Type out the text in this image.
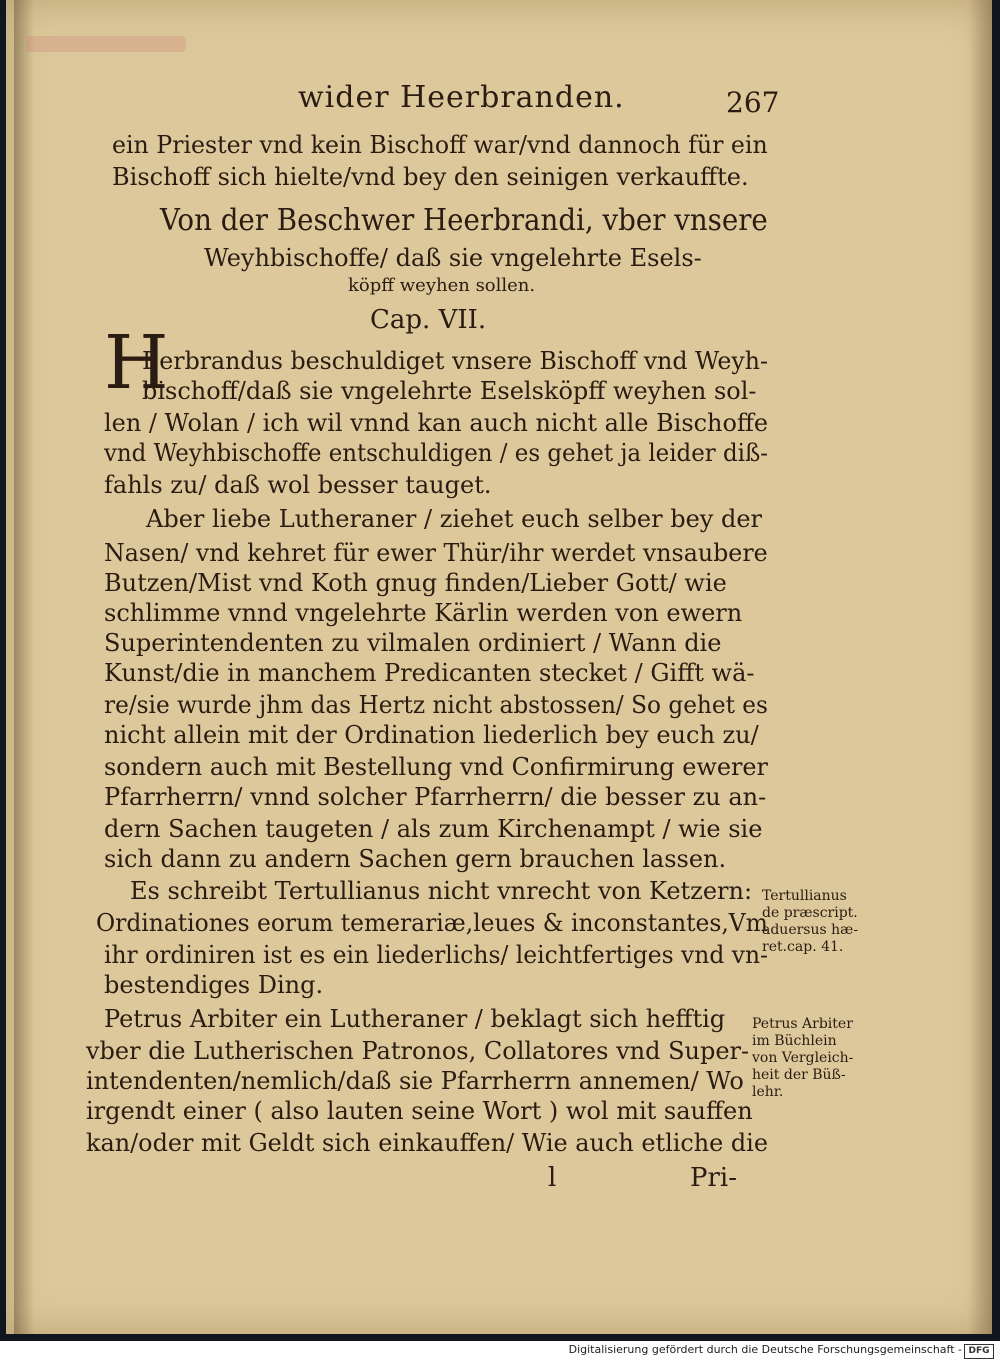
wider Heerbranden.	267
ein Priester vnd kein Bischoff war/vnd dannoch für ein
Bischoff sich hielte/vnd bey den seinigen verkauffte.
Von der Beschwer Heerbrandi, vber vnsere
Weyhbischoffe/ daß sie vngelehrte Esels-
köpff weyhen sollen.
Cap. VII.
H
Eerbrandus beschuldiget vnsere Bischoff vnd Weyh-
bischoff/daß sie vngelehrte Eselsköpff weyhen sol-
len / Wolan / ich wil vnnd kan auch nicht alle Bischoffe
vnd Weyhbischoffe entschuldigen / es gehet ja leider diß-
fahls zu/ daß wol besser tauget.
Aber liebe Lutheraner / ziehet euch selber bey der
Nasen/ vnd kehret für ewer Thür/ihr werdet vnsaubere
Butzen/Mist vnd Koth gnug finden/Lieber Gott/ wie
schlimme vnnd vngelehrte Kärlin werden von ewern
Superintendenten zu vilmalen ordiniert / Wann die
Kunst/die in manchem Predicanten stecket / Gifft wä-
re/sie wurde jhm das Hertz nicht abstossen/ So gehet es
nicht allein mit der Ordination liederlich bey euch zu/
sondern auch mit Bestellung vnd Confirmirung ewerer
Pfarrherrn/ vnnd solcher Pfarrherrn/ die besser zu an-
dern Sachen taugeten / als zum Kirchenampt / wie sie
sich dann zu andern Sachen gern brauchen lassen.
Es schreibt Tertullianus nicht vnrecht von Ketzern:
Ordinationes eorum temerariæ,leues & inconstantes,Vm
ihr ordiniren ist es ein liederlichs/ leichtfertiges vnd vn-
bestendiges Ding.
Petrus Arbiter ein Lutheraner / beklagt sich hefftig
vber die Lutherischen Patronos, Collatores vnd Super-
intendenten/nemlich/daß sie Pfarrherrn annemen/ Wo
irgendt einer ( also lauten seine Wort ) wol mit sauffen
kan/oder mit Geldt sich einkauffen/ Wie auch etliche die
Tertullianus
de præscript.
aduersus hæ-
ret.cap. 41.
Petrus Arbiter
im Büchlein
von Vergleich-
heit der Büß-
lehr.
l	Pri-
Digitalisierung gefördert durch die Deutsche Forschungsgemeinschaft - DFG
